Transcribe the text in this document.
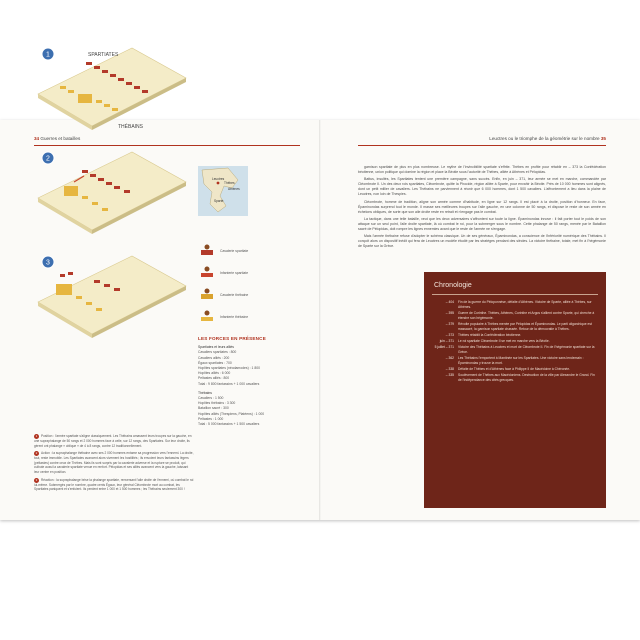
34 Guerres et batailles	Leuctres ou le triomphe de la géométrie sur le nombre 35
1	SPARTIATES
THÉBAINS
2
3
Leuctres
Thèbes
Sparte
Athènes
Cavalerie spartiate
Infanterie spartiate
Cavalerie thébaine
Infanterie thébaine
LES FORCES EN PRÉSENCE
Spartiates et leurs alliés
Cavaliers spartiates : 800
Cavaliers alliés : 200
Égaux spartiates : 700
Hoplites spartiates (néodamodes) : 1 800
Hoplites alliés : 6 000
Peltastes alliés : 800
Total : 9 800 fantassins + 1 000 cavaliers
Thébains
Cavaliers : 1 500
Hoplites thébains : 3 300
Bataillon sacré : 300
Hoplites alliés (Thespiens, Platéens) : 1 000
Peltastes : 1 000
Total : 5 000 fantassins + 1 500 cavaliers

1 Position : l'armée spartiate s'aligne classiquement. Les Thébains amassent leurs troupes sur la gauche, en une supraphalange de 50 rangs et 2 000 hommes face à celle, sur 12 rangs, des Spartiates. Sur leur droite, ils gèrent ont phalange « oblique » de 4 à 8 rangs, contre 12 traditionnellement.

2 Action : la supraphalange thébaine avec ses 2 000 hommes entame sa progression vers l'ennemi. La droite, tout, reste immobile. Les Spartiates avancent alors vivement les hostilités ; ils envoient leurs fantassins légers (peltastes) contre ceux de Thèbes. Mais ils sont surpris par la cavalerie adverse et la rupture se produit, qui culbute aussi la cavalerie spartiate venue en renfort. Pélopidas et ses alliés avancent vers la gauche, laissant leur centre en position.

3 Réaction : la supraphalange brise la phalange spartiate, renversant l'aile droite de l'ennemi, où combat le roi lui-même. Submergés par le nombre, quatre cents Égaux, leur général Cléombrote mort au combat, les Spartiates paniquent et s'enfuient. Ils perdent entre 1 000 et 1 500 hommes ; les Thébains seulement 300 !

garnison spartiate de plus en plus nombreuse. Le mythe de l'invincibilité spartiate s'effrite. Thèbes en profite pour rétablir en – 373 la Confédération béotienne, union politique qui domine la région et place la Béotie sous l'autorité de Thèbes, alliée à Athènes et Pélopidas.

Battus, insultés, les Spartiates tentent une première campagne, sans succès. Enfin, en juin – 371, leur armée se met en marche, commandée par Cléombrote II. Un des deux rois spartiates, Cléombrote, quitte la Phocide, région alliée à Sparte, pour envahir la Béotie. Près de 10 000 hommes sont alignés, dont un petit millier de cavaliers. Les Thébains ne parviennent à réunir que 6 000 hommes, dont 1 500 cavaliers. L'affrontement a lieu dans la plaine de Leuctres, non loin de Thespies.

Cléombrote, homme de tradition, aligne son armée comme d'habitude, en ligne sur 12 rangs. Il est placé à la droite, position d'honneur. En face, Épaminondas surprend tout le monde. Il masse ses meilleures troupes sur l'aile gauche, en une colonne de 50 rangs, et dispose le reste de son armée en échelons obliques, de sorte que son aile droite reste en retrait et n'engage pas le combat.

La tactique, dans une telle bataille, veut que les deux adversaires s'affrontent sur toute la ligne. Épaminondas innove : il fait porter tout le poids de son attaque sur un seul point, l'aile droite spartiate, là où combat le roi, pour la submerger sous le nombre. Cette phalange de 50 rangs, menée par le Bataillon sacré de Pélopidas, doit rompre les lignes ennemies avant que le reste de l'armée ne s'engage.

Mais l'armée thébaine refuse d'adopter le schéma classique. Un de ses généraux, Épaminondas, a conscience de l'infériorité numérique des Thébains. Il conçoit alors un dispositif inédit qui fera de Leuctres un modèle étudié par les stratèges pendant des siècles. La victoire thébaine, totale, met fin à l'hégémonie de Sparte sur la Grèce.

Chronologie
– 404	Fin de la guerre du Péloponnèse, défaite d'Athènes. Victoire de Sparte, alliée à Thèbes, sur Athènes.
– 395	Guerre de Corinthe. Thèbes, Athènes, Corinthe et Argos s'allient contre Sparte, qui cherche à étendre son hégémonie.
– 379	Révolte populaire à Thèbes menée par Pélopidas et Épaminondas. Le parti oligarchique est massacré, la garnison spartiate chassée. Retour de la démocratie à Thèbes.
– 373	Thèbes rétablit la Confédération béotienne.
juin – 371	Le roi spartiate Cléombrote II se met en marche vers la Béotie.
5 juillet – 371	Victoire des Thébains à Leuctres et mort de Cléombrote II. Fin de l'hégémonie spartiate sur la Grèce.
– 362	Les Thébains l'emportent à Mantinée sur les Spartiates. Une victoire sans lendemain : Épaminondas y trouve la mort.
– 338	Défaite de Thèbes et d'Athènes face à Philippe II de Macédoine à Chéronée.
– 335	Soulèvement de Thèbes aux Macédoniens. Destruction de la ville par Alexandre le Grand. Fin de l'indépendance des cités grecques.
